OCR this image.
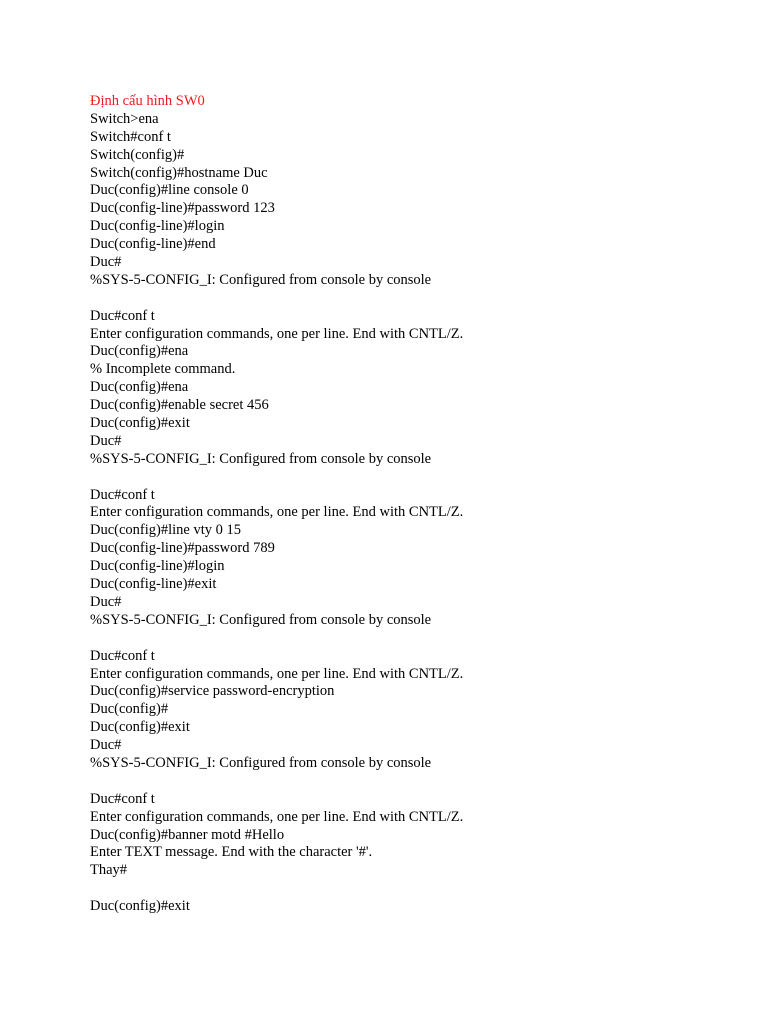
Định cấu hình SW0
Switch>ena
Switch#conf t
Switch(config)#
Switch(config)#hostname Duc
Duc(config)#line console 0
Duc(config-line)#password 123
Duc(config-line)#login
Duc(config-line)#end
Duc#
%SYS-5-CONFIG_I: Configured from console by console
Duc#conf t
Enter configuration commands, one per line. End with CNTL/Z.
Duc(config)#ena
% Incomplete command.
Duc(config)#ena
Duc(config)#enable secret 456
Duc(config)#exit
Duc#
%SYS-5-CONFIG_I: Configured from console by console
Duc#conf t
Enter configuration commands, one per line. End with CNTL/Z.
Duc(config)#line vty 0 15
Duc(config-line)#password 789
Duc(config-line)#login
Duc(config-line)#exit
Duc#
%SYS-5-CONFIG_I: Configured from console by console
Duc#conf t
Enter configuration commands, one per line. End with CNTL/Z.
Duc(config)#service password-encryption
Duc(config)#
Duc(config)#exit
Duc#
%SYS-5-CONFIG_I: Configured from console by console
Duc#conf t
Enter configuration commands, one per line. End with CNTL/Z.
Duc(config)#banner motd #Hello
Enter TEXT message. End with the character '#'.
Thay#
Duc(config)#exit
